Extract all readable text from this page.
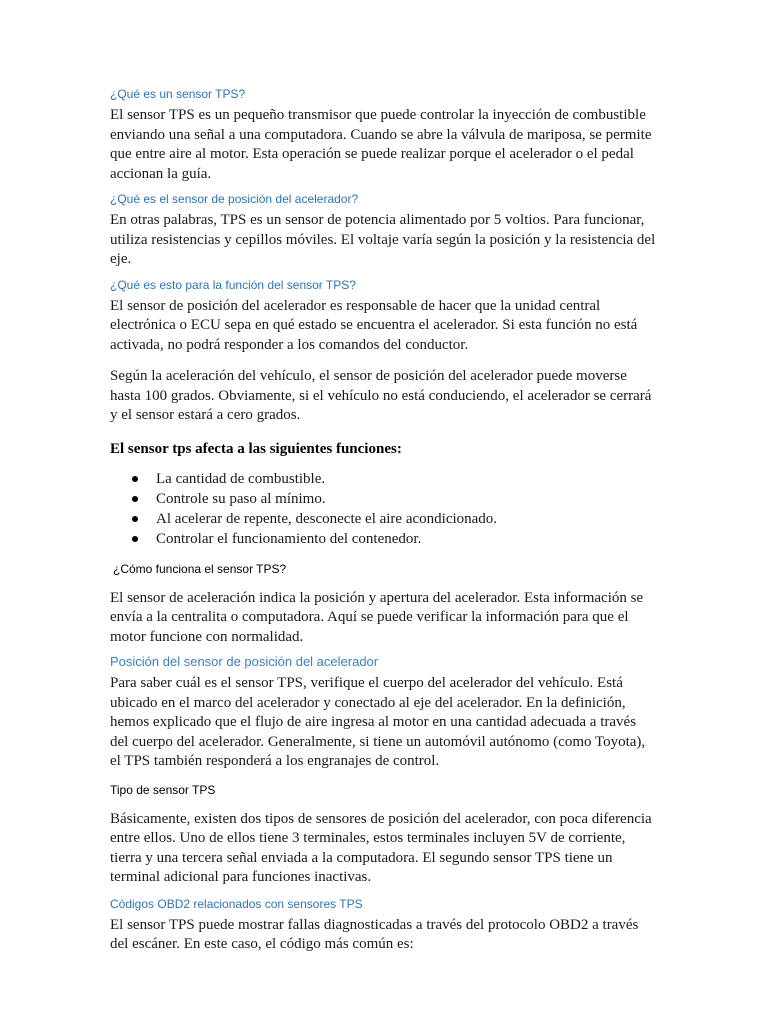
¿Qué es un sensor TPS?

El sensor TPS es un pequeño transmisor que puede controlar la inyección de combustible enviando una señal a una computadora. Cuando se abre la válvula de mariposa, se permite que entre aire al motor. Esta operación se puede realizar porque el acelerador o el pedal accionan la guía.

¿Qué es el sensor de posición del acelerador?

En otras palabras, TPS es un sensor de potencia alimentado por 5 voltios. Para funcionar, utiliza resistencias y cepillos móviles. El voltaje varía según la posición y la resistencia del eje.

¿Qué es esto para la función del sensor TPS?

El sensor de posición del acelerador es responsable de hacer que la unidad central electrónica o ECU sepa en qué estado se encuentra el acelerador. Si esta función no está activada, no podrá responder a los comandos del conductor.

Según la aceleración del vehículo, el sensor de posición del acelerador puede moverse hasta 100 grados. Obviamente, si el vehículo no está conduciendo, el acelerador se cerrará y el sensor estará a cero grados.

El sensor tps afecta a las siguientes funciones:

La cantidad de combustible.
Controle su paso al mínimo.
Al acelerar de repente, desconecte el aire acondicionado.
Controlar el funcionamiento del contenedor.
¿Cómo funciona el sensor TPS?

El sensor de aceleración indica la posición y apertura del acelerador. Esta información se envía a la centralita o computadora. Aquí se puede verificar la información para que el motor funcione con normalidad.

Posición del sensor de posición del acelerador

Para saber cuál es el sensor TPS, verifique el cuerpo del acelerador del vehículo. Está ubicado en el marco del acelerador y conectado al eje del acelerador. En la definición, hemos explicado que el flujo de aire ingresa al motor en una cantidad adecuada a través del cuerpo del acelerador. Generalmente, si tiene un automóvil autónomo (como Toyota), el TPS también responderá a los engranajes de control.

Tipo de sensor TPS

Básicamente, existen dos tipos de sensores de posición del acelerador, con poca diferencia entre ellos. Uno de ellos tiene 3 terminales, estos terminales incluyen 5V de corriente, tierra y una tercera señal enviada a la computadora. El segundo sensor TPS tiene un terminal adicional para funciones inactivas.

Códigos OBD2 relacionados con sensores TPS

El sensor TPS puede mostrar fallas diagnosticadas a través del protocolo OBD2 a través del escáner. En este caso, el código más común es:
